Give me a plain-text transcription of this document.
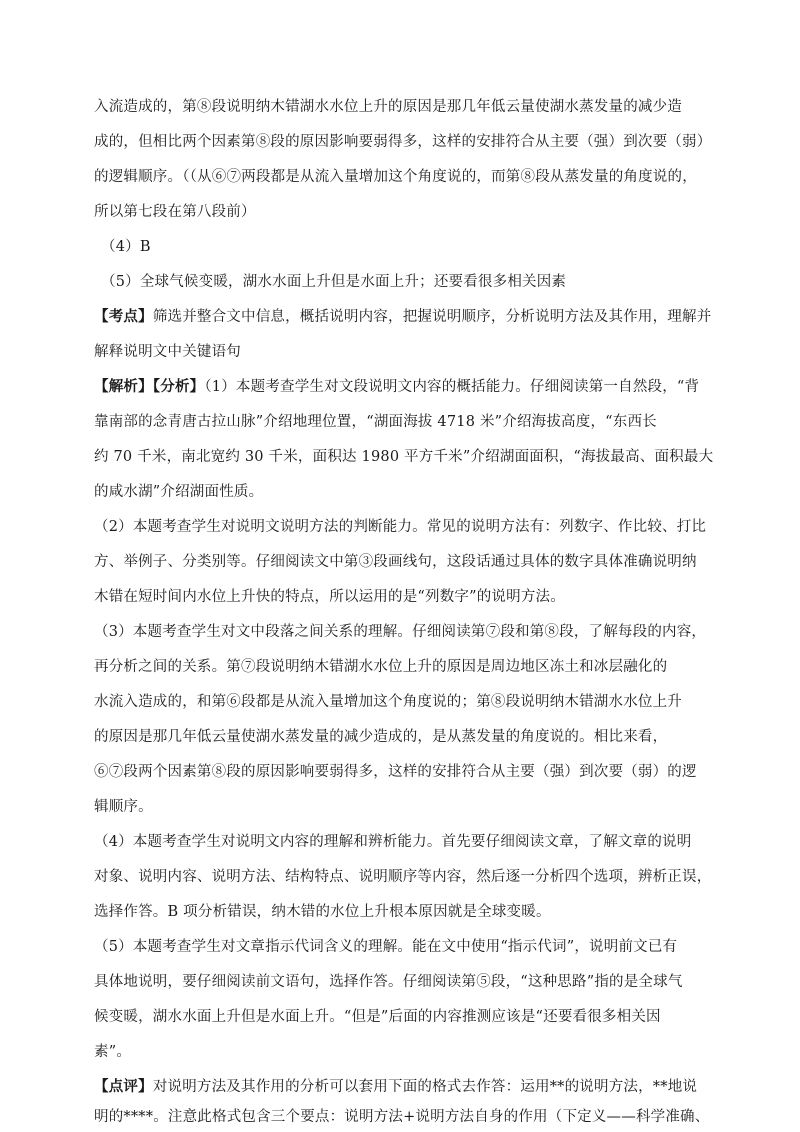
入流造成的，第⑧段说明纳木错湖水水位上升的原因是那几年低云量使湖水蒸发量的减少造
成的，但相比两个因素第⑧段的原因影响要弱得多，这样的安排符合从主要（强）到次要（弱）
的逻辑顺序。（（从⑥⑦两段都是从流入量增加这个角度说的，而第⑧段从蒸发量的角度说的，
所以第七段在第八段前）
（4）B
（5）全球气候变暖，湖水水面上升但是水面上升；还要看很多相关因素
【考点】筛选并整合文中信息，概括说明内容，把握说明顺序，分析说明方法及其作用，理解并
解释说明文中关键语句
【解析】【分析】（1）本题考查学生对文段说明文内容的概括能力。仔细阅读第一自然段，“背
靠南部的念青唐古拉山脉”介绍地理位置，“湖面海拔 4718 米”介绍海拔高度，“东西长
约 70 千米，南北宽约 30 千米，面积达 1980 平方千米”介绍湖面面积，“海拔最高、面积最大
的咸水湖”介绍湖面性质。
（2）本题考查学生对说明文说明方法的判断能力。常见的说明方法有：列数字、作比较、打比
方、举例子、分类别等。仔细阅读文中第③段画线句，这段话通过具体的数字具体准确说明纳
木错在短时间内水位上升快的特点，所以运用的是“列数字”的说明方法。
（3）本题考查学生对文中段落之间关系的理解。仔细阅读第⑦段和第⑧段，了解每段的内容，
再分析之间的关系。第⑦段说明纳木错湖水水位上升的原因是周边地区冻土和冰层融化的
水流入造成的，和第⑥段都是从流入量增加这个角度说的；第⑧段说明纳木错湖水水位上升
的原因是那几年低云量使湖水蒸发量的减少造成的，是从蒸发量的角度说的。相比来看，
⑥⑦段两个因素第⑧段的原因影响要弱得多，这样的安排符合从主要（强）到次要（弱）的逻
辑顺序。
（4）本题考查学生对说明文内容的理解和辨析能力。首先要仔细阅读文章，了解文章的说明
对象、说明内容、说明方法、结构特点、说明顺序等内容，然后逐一分析四个选项，辨析正误，
选择作答。B 项分析错误，纳木错的水位上升根本原因就是全球变暖。
（5）本题考查学生对文章指示代词含义的理解。能在文中使用“指示代词”，说明前文已有
具体地说明，要仔细阅读前文语句，选择作答。仔细阅读第⑤段，“这种思路”指的是全球气
候变暖，湖水水面上升但是水面上升。“但是”后面的内容推测应该是“还要看很多相关因
素”。
【点评】对说明方法及其作用的分析可以套用下面的格式去作答：运用**的说明方法，**地说
明的****。注意此格式包含三个要点：说明方法+说明方法自身的作用（下定义——科学准确、
